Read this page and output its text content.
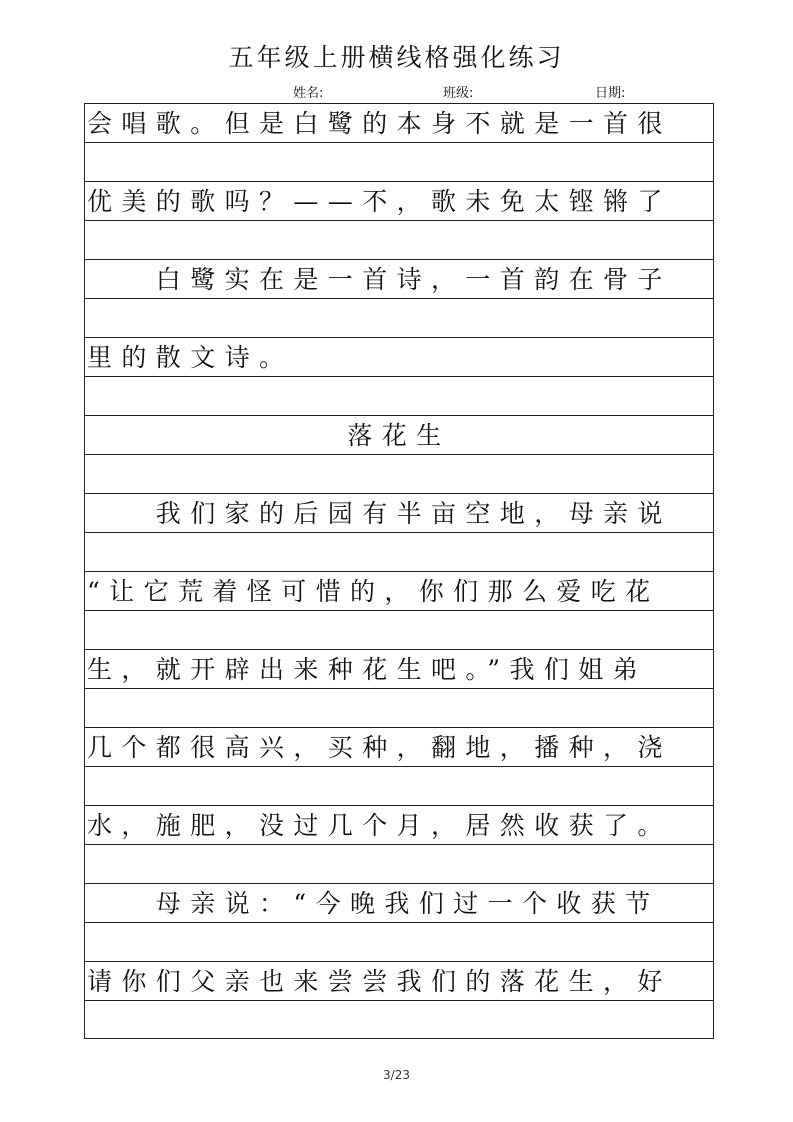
五年级上册横线格强化练习
姓名:	班级:	日期:
会唱歌。但是白鹭的本身不就是一首很
优美的歌吗？——不，歌未免太铿锵了
　　白鹭实在是一首诗，一首韵在骨子
里的散文诗。
落花生
　　我们家的后园有半亩空地，母亲说
“让它荒着怪可惜的，你们那么爱吃花
生，就开辟出来种花生吧。”我们姐弟
几个都很高兴，买种，翻地，播种，浇
水，施肥，没过几个月，居然收获了。
　　母亲说：“今晚我们过一个收获节
请你们父亲也来尝尝我们的落花生，好
3/23
